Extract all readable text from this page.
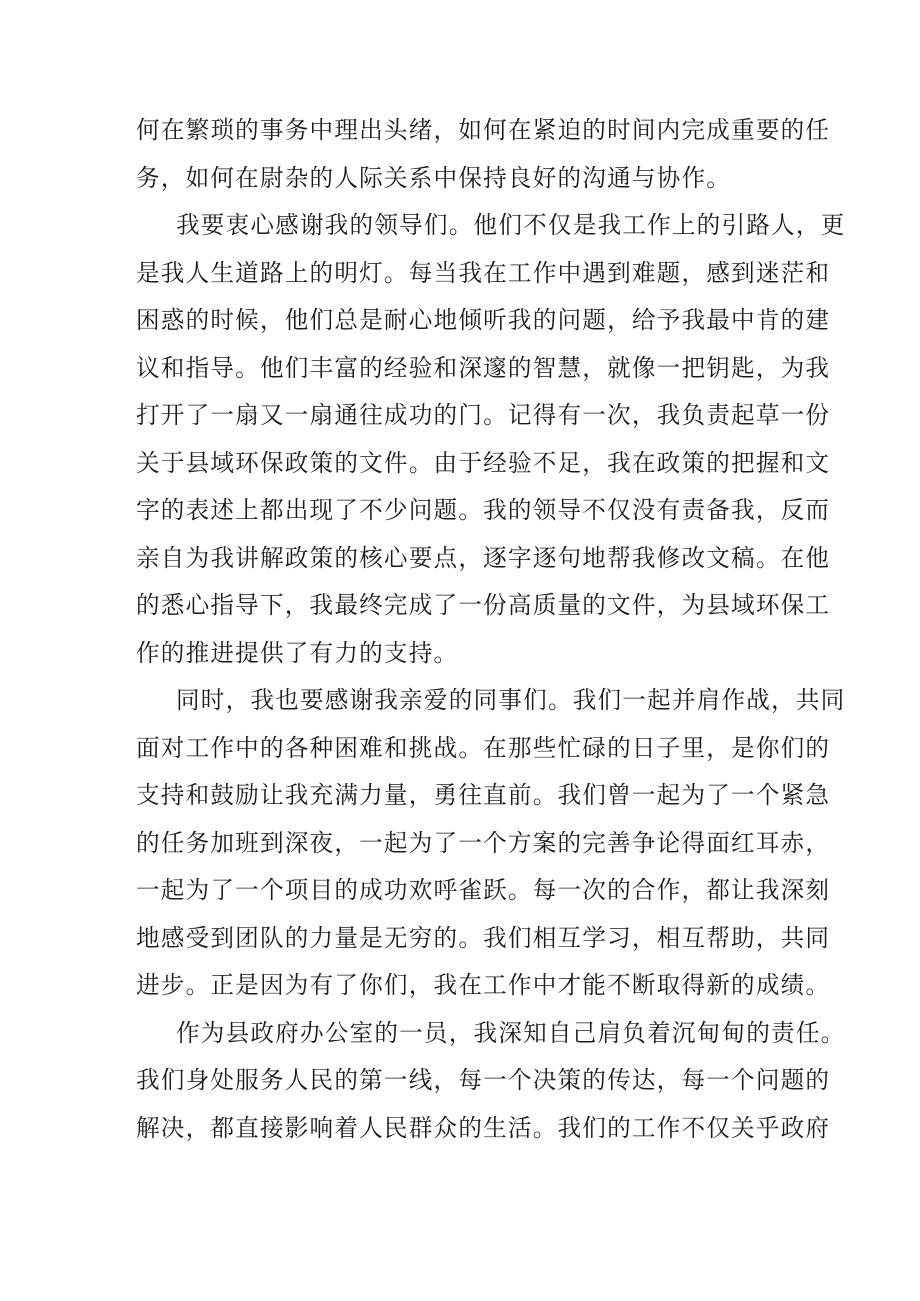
何在繁琐的事务中理出头绪，如何在紧迫的时间内完成重要的任
务，如何在尉杂的人际关系中保持良好的沟通与协作。
我要衷心感谢我的领导们。他们不仅是我工作上的引路人，更
是我人生道路上的明灯。每当我在工作中遇到难题，感到迷茫和
困惑的时候，他们总是耐心地倾听我的问题，给予我最中肯的建
议和指导。他们丰富的经验和深邃的智慧，就像一把钥匙，为我
打开了一扇又一扇通往成功的门。记得有一次，我负责起草一份
关于县域环保政策的文件。由于经验不足，我在政策的把握和文
字的表述上都出现了不少问题。我的领导不仅没有责备我，反而
亲自为我讲解政策的核心要点，逐字逐句地帮我修改文稿。在他
的悉心指导下，我最终完成了一份高质量的文件，为县域环保工
作的推进提供了有力的支持。
同时，我也要感谢我亲爱的同事们。我们一起并肩作战，共同
面对工作中的各种困难和挑战。在那些忙碌的日子里，是你们的
支持和鼓励让我充满力量，勇往直前。我们曾一起为了一个紧急
的任务加班到深夜，一起为了一个方案的完善争论得面红耳赤，
一起为了一个项目的成功欢呼雀跃。每一次的合作，都让我深刻
地感受到团队的力量是无穷的。我们相互学习，相互帮助，共同
进步。正是因为有了你们，我在工作中才能不断取得新的成绩。
作为县政府办公室的一员，我深知自己肩负着沉甸甸的责任。
我们身处服务人民的第一线，每一个决策的传达，每一个问题的
解决，都直接影响着人民群众的生活。我们的工作不仅关乎政府
